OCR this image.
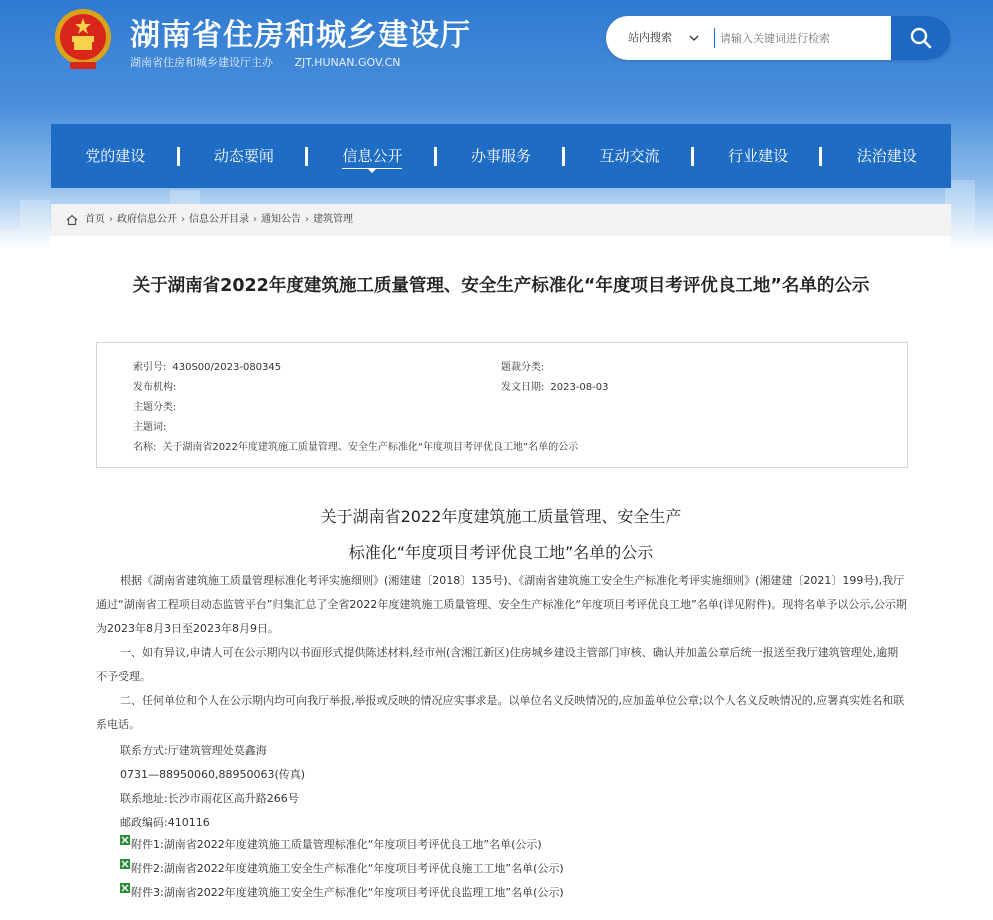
湖南省住房和城乡建设厅
湖南省住房和城乡建设厅主办 ZJT.HUNAN.GOV.CN
站内搜索
请输入关键词进行检索
党的建设	动态要闻	信息公开	办事服务	互动交流	行业建设	法治建设
首页 › 政府信息公开 › 信息公开目录 › 通知公告 › 建筑管理
关于湖南省2022年度建筑施工质量管理、安全生产标准化“年度项目考评优良工地”名单的公示
索引号: 430S00/2023-080345	题裁分类:
发布机构:	发文日期: 2023-08-03
主题分类:
主题词:
名称: 关于湖南省2022年度建筑施工质量管理、安全生产标准化“年度项目考评优良工地”名单的公示
关于湖南省2022年度建筑施工质量管理、安全生产
标准化“年度项目考评优良工地”名单的公示
根据《湖南省建筑施工质量管理标准化考评实施细则》(湘建建〔2018〕135号)、《湖南省建筑施工安全生产标准化考评实施细则》(湘建建〔2021〕199号),我厅通过“湖南省工程项目动态监管平台”归集汇总了全省2022年度建筑施工质量管理、安全生产标准化“年度项目考评优良工地”名单(详见附件)。现将名单予以公示,公示期为2023年8月3日至2023年8月9日。
一、如有异议,申请人可在公示期内以书面形式提供陈述材料,经市州(含湘江新区)住房城乡建设主管部门审核、确认并加盖公章后统一报送至我厅建筑管理处,逾期不予受理。
二、任何单位和个人在公示期内均可向我厅举报,举报或反映的情况应实事求是。以单位名义反映情况的,应加盖单位公章;以个人名义反映情况的,应署真实姓名和联系电话。
联系方式:厅建筑管理处莫鑫海
0731—88950060,88950063(传真)
联系地址:长沙市雨花区高升路266号
邮政编码:410116
附件1:湖南省2022年度建筑施工质量管理标准化“年度项目考评优良工地”名单(公示)
附件2:湖南省2022年度建筑施工安全生产标准化“年度项目考评优良施工工地”名单(公示)
附件3:湖南省2022年度建筑施工安全生产标准化“年度项目考评优良监理工地”名单(公示)
